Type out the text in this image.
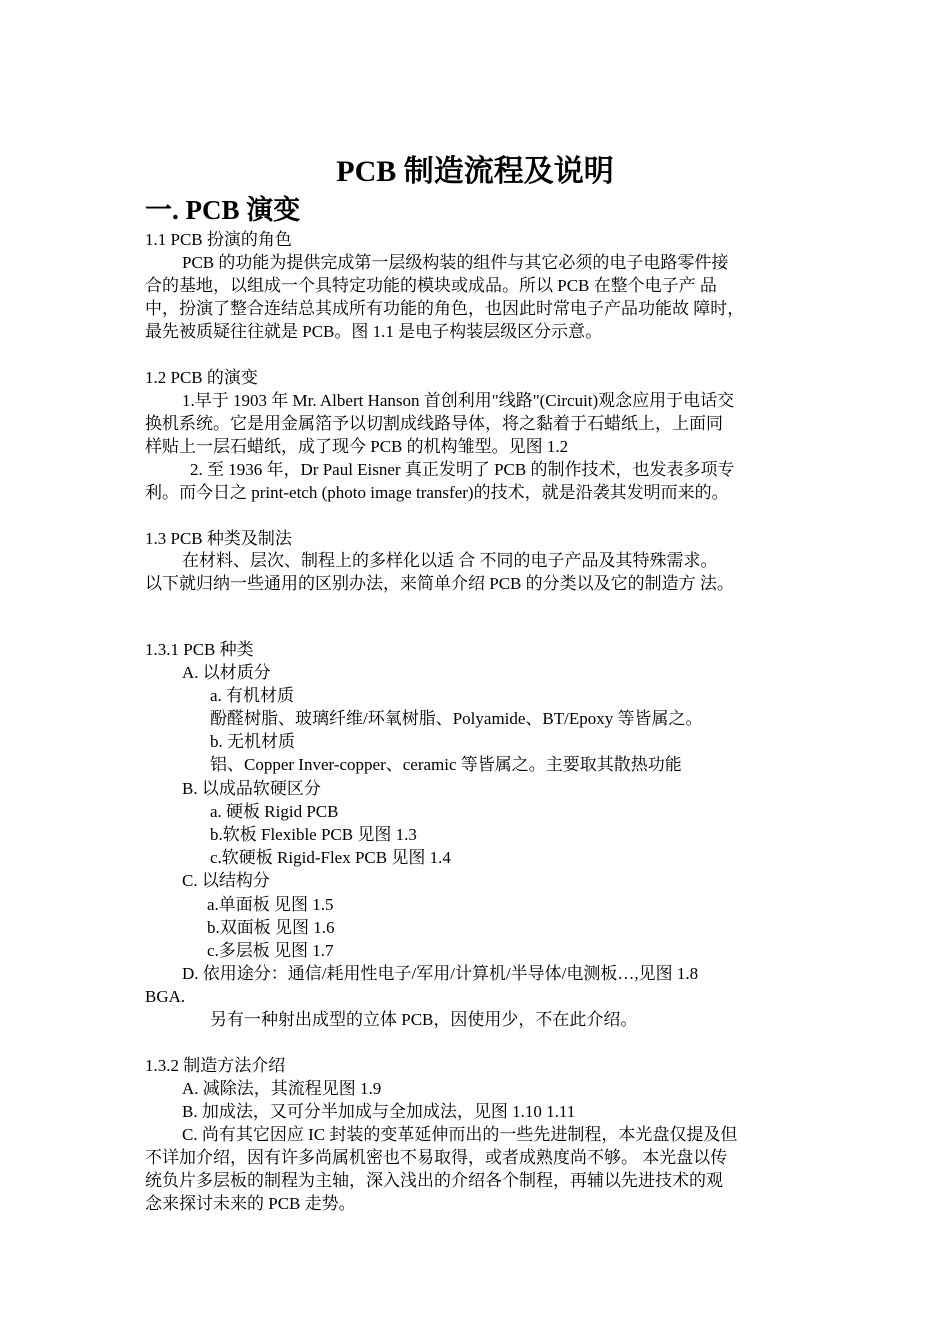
PCB 制造流程及说明
一. PCB 演变
1.1 PCB 扮演的角色
PCB 的功能为提供完成第一层级构装的组件与其它必须的电子电路零件接
合的基地，以组成一个具特定功能的模块或成品。所以 PCB 在整个电子产 品
中，扮演了整合连结总其成所有功能的角色，也因此时常电子产品功能故 障时，
最先被质疑往往就是 PCB。图 1.1 是电子构装层级区分示意。
1.2 PCB 的演变
1.早于 1903 年 Mr. Albert Hanson 首创利用"线路"(Circuit)观念应用于电话交
换机系统。它是用金属箔予以切割成线路导体，将之黏着于石蜡纸上，上面同
样贴上一层石蜡纸，成了现今 PCB 的机构雏型。见图 1.2
2. 至 1936 年，Dr Paul Eisner 真正发明了 PCB 的制作技术，也发表多项专
利。而今日之 print-etch (photo image transfer)的技术，就是沿袭其发明而来的。
1.3 PCB 种类及制法
在材料、层次、制程上的多样化以适 合 不同的电子产品及其特殊需求。
以下就归纳一些通用的区别办法，来简单介绍 PCB 的分类以及它的制造方 法。
1.3.1 PCB 种类
A. 以材质分
a. 有机材质
酚醛树脂、玻璃纤维/环氧树脂、Polyamide、BT/Epoxy 等皆属之。
b. 无机材质
铝、Copper Inver-copper、ceramic 等皆属之。主要取其散热功能
B. 以成品软硬区分
a. 硬板 Rigid PCB
b.软板 Flexible PCB 见图 1.3
c.软硬板 Rigid-Flex PCB 见图 1.4
C. 以结构分
a.单面板 见图 1.5
b.双面板 见图 1.6
c.多层板 见图 1.7
D. 依用途分：通信/耗用性电子/军用/计算机/半导体/电测板…,见图 1.8
BGA.
另有一种射出成型的立体 PCB，因使用少，不在此介绍。
1.3.2 制造方法介绍
A. 减除法，其流程见图 1.9
B. 加成法，又可分半加成与全加成法，见图 1.10 1.11
C. 尚有其它因应 IC 封装的变革延伸而出的一些先进制程，本光盘仅提及但
不详加介绍，因有许多尚属机密也不易取得，或者成熟度尚不够。 本光盘以传
统负片多层板的制程为主轴，深入浅出的介绍各个制程，再辅以先进技术的观
念来探讨未来的 PCB 走势。
